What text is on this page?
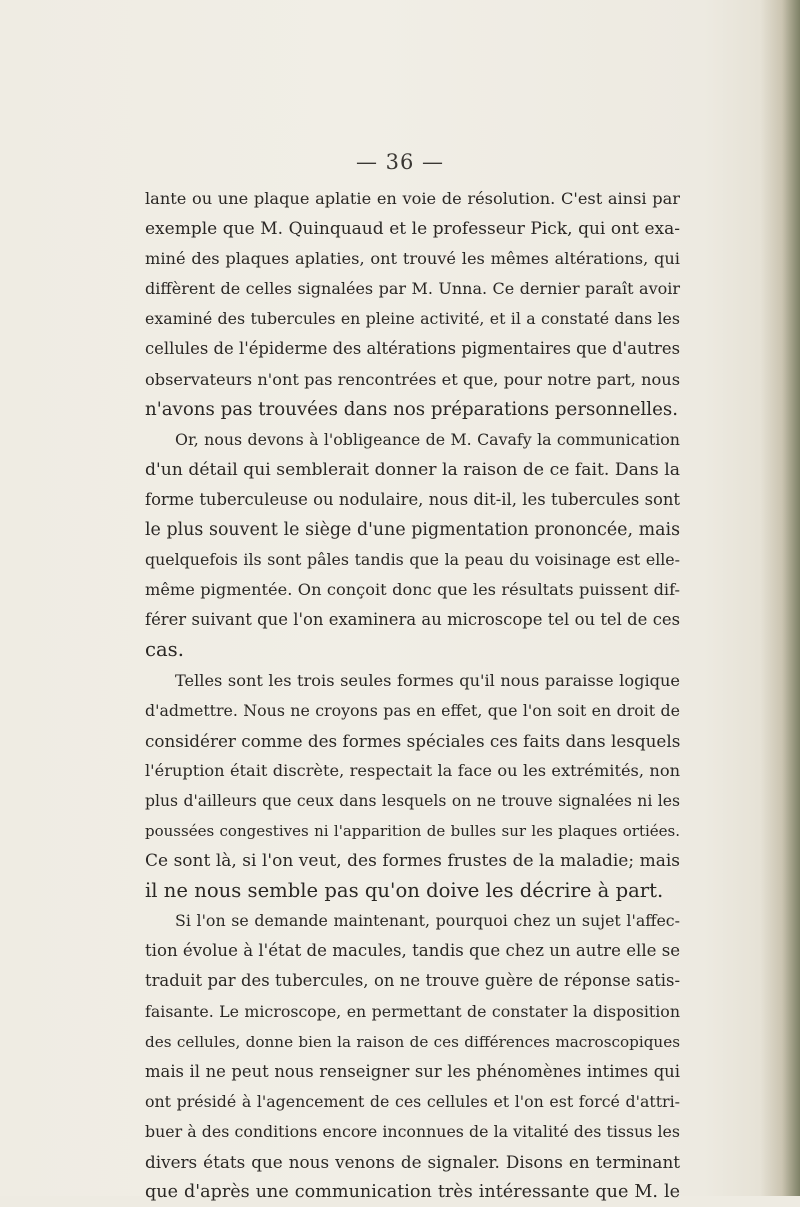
— 36 —
lante ou une plaque aplatie en voie de résolution. C'est ainsi par
exemple que M. Quinquaud et le professeur Pick, qui ont exa-
miné des plaques aplaties, ont trouvé les mêmes altérations, qui
diffèrent de celles signalées par M. Unna. Ce dernier paraît avoir
examiné des tubercules en pleine activité, et il a constaté dans les
cellules de l'épiderme des altérations pigmentaires que d'autres
observateurs n'ont pas rencontrées et que, pour notre part, nous
n'avons pas trouvées dans nos préparations personnelles.
Or, nous devons à l'obligeance de M. Cavafy la communication
d'un détail qui semblerait donner la raison de ce fait. Dans la
forme tuberculeuse ou nodulaire, nous dit-il, les tubercules sont
le plus souvent le siège d'une pigmentation prononcée, mais
quelquefois ils sont pâles tandis que la peau du voisinage est elle-
même pigmentée. On conçoit donc que les résultats puissent dif-
férer suivant que l'on examinera au microscope tel ou tel de ces
cas.
Telles sont les trois seules formes qu'il nous paraisse logique
d'admettre. Nous ne croyons pas en effet, que l'on soit en droit de
considérer comme des formes spéciales ces faits dans lesquels
l'éruption était discrète, respectait la face ou les extrémités, non
plus d'ailleurs que ceux dans lesquels on ne trouve signalées ni les
poussées congestives ni l'apparition de bulles sur les plaques ortiées.
Ce sont là, si l'on veut, des formes frustes de la maladie; mais
il ne nous semble pas qu'on doive les décrire à part.
Si l'on se demande maintenant, pourquoi chez un sujet l'affec-
tion évolue à l'état de macules, tandis que chez un autre elle se
traduit par des tubercules, on ne trouve guère de réponse satis-
faisante. Le microscope, en permettant de constater la disposition
des cellules, donne bien la raison de ces différences macroscopiques
mais il ne peut nous renseigner sur les phénomènes intimes qui
ont présidé à l'agencement de ces cellules et l'on est forcé d'attri-
buer à des conditions encore inconnues de la vitalité des tissus les
divers états que nous venons de signaler. Disons en terminant
que d'après une communication très intéressante que M. le
